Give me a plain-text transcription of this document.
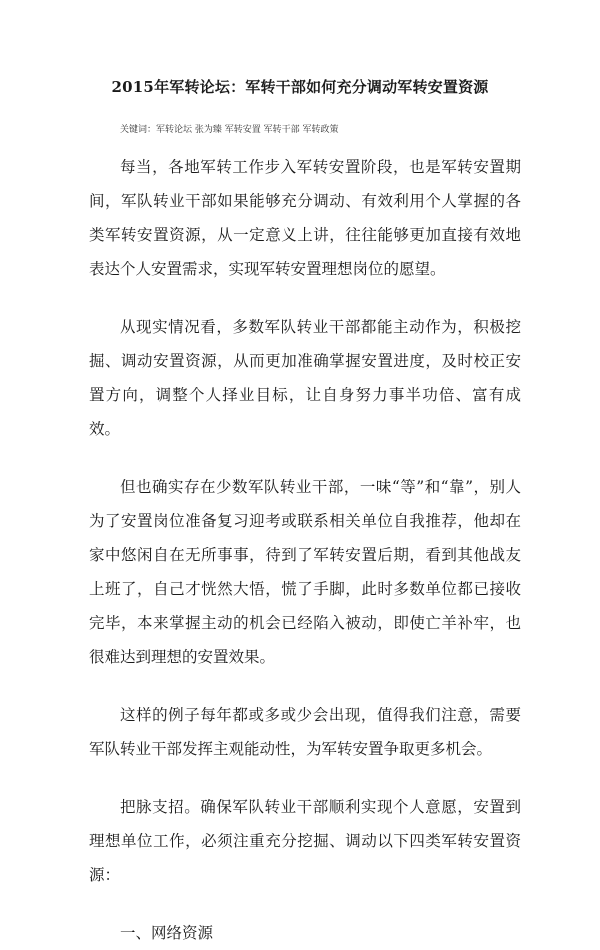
2015年军转论坛：军转干部如何充分调动军转安置资源
关键词：军转论坛 张为臻 军转安置 军转干部 军转政策

每当，各地军转工作步入军转安置阶段，也是军转安置期间，军队转业干部如果能够充分调动、有效利用个人掌握的各类军转安置资源，从一定意义上讲，往往能够更加直接有效地表达个人安置需求，实现军转安置理想岗位的愿望。

从现实情况看，多数军队转业干部都能主动作为，积极挖掘、调动安置资源，从而更加准确掌握安置进度，及时校正安置方向，调整个人择业目标，让自身努力事半功倍、富有成效。

但也确实存在少数军队转业干部，一味“等”和“靠”，别人为了安置岗位准备复习迎考或联系相关单位自我推荐，他却在家中悠闲自在无所事事，待到了军转安置后期，看到其他战友上班了，自己才恍然大悟，慌了手脚，此时多数单位都已接收完毕，本来掌握主动的机会已经陷入被动，即使亡羊补牢，也很难达到理想的安置效果。

这样的例子每年都或多或少会出现，值得我们注意，需要军队转业干部发挥主观能动性，为军转安置争取更多机会。

把脉支招。确保军队转业干部顺利实现个人意愿，安置到理想单位工作，必须注重充分挖掘、调动以下四类军转安置资源：

一、网络资源
